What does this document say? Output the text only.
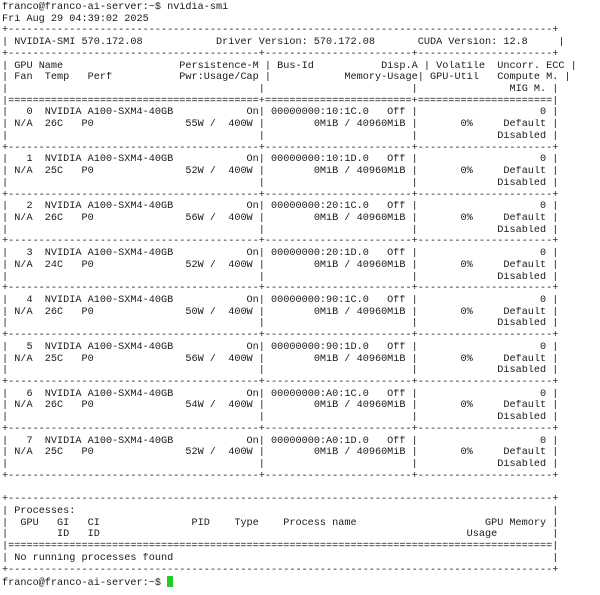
franco@franco-ai-server:~$ nvidia-smi
Fri Aug 29 04:39:02 2025
+-----------------------------------------------------------------------------------------+
| NVIDIA-SMI 570.172.08            Driver Version: 570.172.08       CUDA Version: 12.8     |
+-----------------------------------------+------------------------+----------------------+
| GPU Name                   Persistence-M | Bus-Id           Disp.A | Volatile  Uncorr. ECC |
| Fan  Temp   Perf           Pwr:Usage/Cap |            Memory-Usage| GPU-Util   Compute M. |
|	|	|               MIG M. |
|=========================================+========================+======================|
|   0  NVIDIA A100-SXM4-40GB            On| 00000000:10:1C.0   Off |                    0 |
| N/A  26C   P0               55W /  400W |        0MiB / 40960MiB |       0%     Default |
|	|	|             Disabled |
+-----------------------------------------+------------------------+----------------------+
|   1  NVIDIA A100-SXM4-40GB            On| 00000000:10:1D.0   Off |                    0 |
| N/A  25C   P0               52W /  400W |        0MiB / 40960MiB |       0%     Default |
|	|	|             Disabled |
+-----------------------------------------+------------------------+----------------------+
|   2  NVIDIA A100-SXM4-40GB            On| 00000000:20:1C.0   Off |                    0 |
| N/A  26C   P0               56W /  400W |        0MiB / 40960MiB |       0%     Default |
|	|	|             Disabled |
+-----------------------------------------+------------------------+----------------------+
|   3  NVIDIA A100-SXM4-40GB            On| 00000000:20:1D.0   Off |                    0 |
| N/A  24C   P0               52W /  400W |        0MiB / 40960MiB |       0%     Default |
|	|	|             Disabled |
+-----------------------------------------+------------------------+----------------------+
|   4  NVIDIA A100-SXM4-40GB            On| 00000000:90:1C.0   Off |                    0 |
| N/A  26C   P0               50W /  400W |        0MiB / 40960MiB |       0%     Default |
|	|	|             Disabled |
+-----------------------------------------+------------------------+----------------------+
|   5  NVIDIA A100-SXM4-40GB            On| 00000000:90:1D.0   Off |                    0 |
| N/A  25C   P0               56W /  400W |        0MiB / 40960MiB |       0%     Default |
|	|	|             Disabled |
+-----------------------------------------+------------------------+----------------------+
|   6  NVIDIA A100-SXM4-40GB            On| 00000000:A0:1C.0   Off |                    0 |
| N/A  26C   P0               54W /  400W |        0MiB / 40960MiB |       0%     Default |
|	|	|             Disabled |
+-----------------------------------------+------------------------+----------------------+
|   7  NVIDIA A100-SXM4-40GB            On| 00000000:A0:1D.0   Off |                    0 |
| N/A  25C   P0               52W /  400W |        0MiB / 40960MiB |       0%     Default |
|	|	|             Disabled |
+-----------------------------------------+------------------------+----------------------+
+-----------------------------------------------------------------------------------------+
| Processes:                                                                              |
|  GPU   GI   CI               PID    Type    Process name                     GPU Memory |
|        ID   ID                                                            Usage         |
|=========================================================================================|
| No running processes found                                                              |
+-----------------------------------------------------------------------------------------+
franco@franco-ai-server:~$
